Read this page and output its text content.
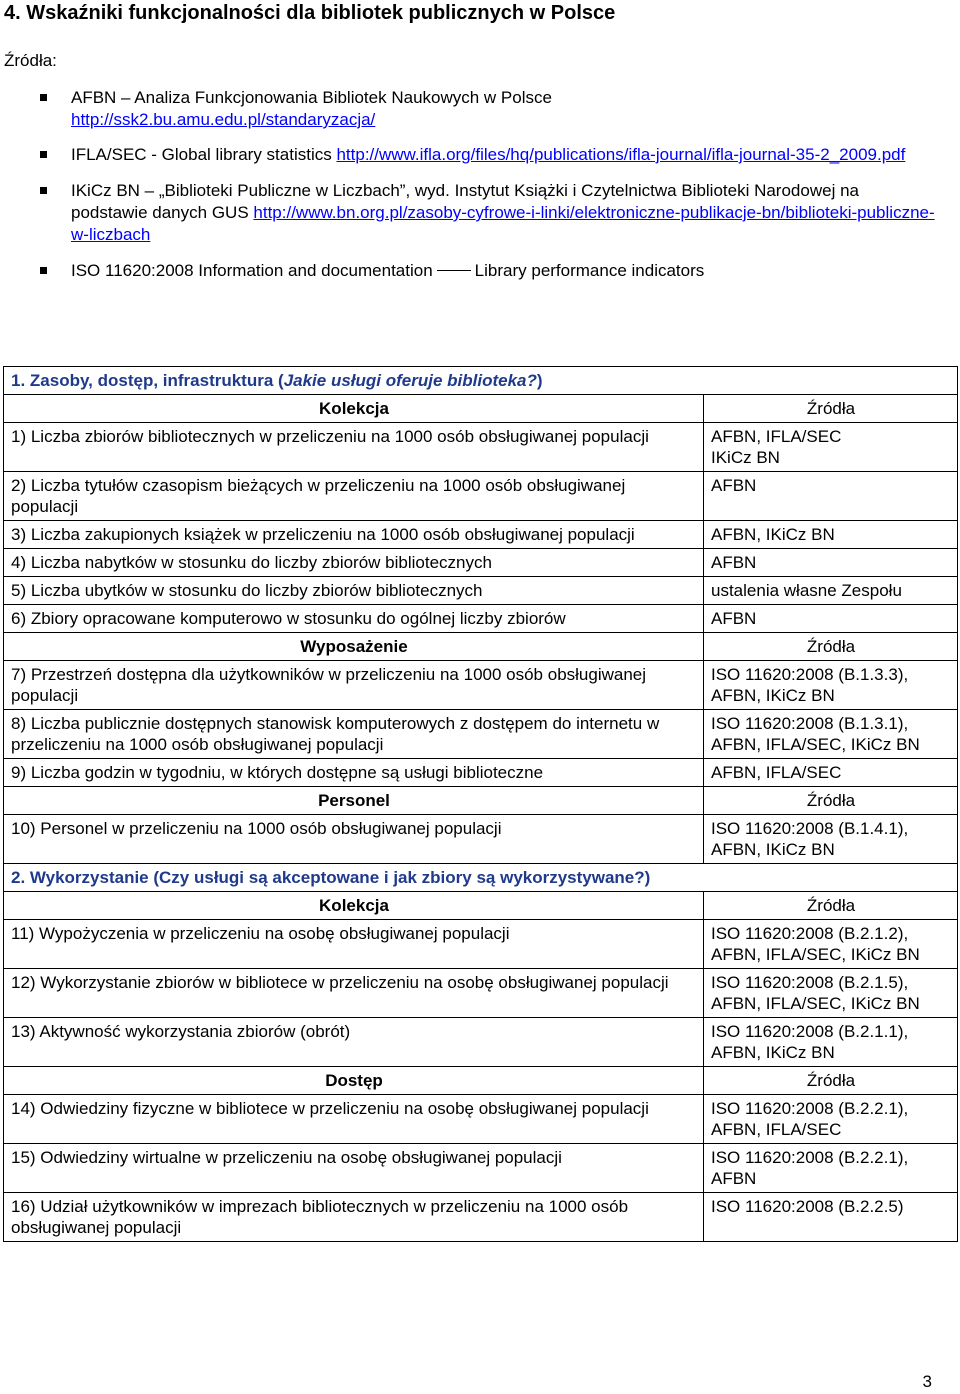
4. Wskaźniki funkcjonalności dla bibliotek publicznych w Polsce
Źródła:
AFBN – Analiza Funkcjonowania Bibliotek Naukowych w Polsce
http://ssk2.bu.amu.edu.pl/standaryzacja/
IFLA/SEC - Global library statistics http://www.ifla.org/files/hq/publications/ifla-journal/ifla-journal-35-2_2009.pdf
IKiCz BN – „Biblioteki Publiczne w Liczbach”, wyd. Instytut Książki i Czytelnictwa Biblioteki Narodowej na podstawie danych GUS http://www.bn.org.pl/zasoby-cyfrowe-i-linki/elektroniczne-publikacje-bn/biblioteki-publiczne-w-liczbach
ISO 11620:2008 Information and documentation Library performance indicators
1. Zasoby, dostęp, infrastruktura (Jakie usługi oferuje biblioteka?)	
Kolekcja	Źródła
1) Liczba zbiorów bibliotecznych w przeliczeniu na 1000 osób obsługiwanej populacji	AFBN, IFLA/SEC
IKiCz BN
2) Liczba tytułów czasopism bieżących w przeliczeniu na 1000 osób obsługiwanej populacji	AFBN
3) Liczba zakupionych książek w przeliczeniu na 1000 osób obsługiwanej populacji	AFBN, IKiCz BN
4) Liczba nabytków w stosunku do liczby zbiorów bibliotecznych	AFBN
5) Liczba ubytków w stosunku do liczby zbiorów bibliotecznych	ustalenia własne Zespołu
6) Zbiory opracowane komputerowo w stosunku do ogólnej liczby zbiorów	AFBN
Wyposażenie	Źródła
7) Przestrzeń dostępna dla użytkowników w przeliczeniu na 1000 osób obsługiwanej populacji	ISO 11620:2008 (B.1.3.3),
AFBN, IKiCz BN
8) Liczba publicznie dostępnych stanowisk komputerowych z dostępem do internetu w przeliczeniu na 1000 osób obsługiwanej populacji	ISO 11620:2008 (B.1.3.1),
AFBN, IFLA/SEC, IKiCz BN
9) Liczba godzin w tygodniu, w których dostępne są usługi biblioteczne	AFBN, IFLA/SEC
Personel	Źródła
10) Personel w przeliczeniu na 1000 osób obsługiwanej populacji	ISO 11620:2008 (B.1.4.1),
AFBN, IKiCz BN
2. Wykorzystanie (Czy usługi są akceptowane i jak zbiory są wykorzystywane?)	
Kolekcja	Źródła
11) Wypożyczenia w przeliczeniu na osobę obsługiwanej populacji	ISO 11620:2008 (B.2.1.2),
AFBN, IFLA/SEC, IKiCz BN
12) Wykorzystanie zbiorów w bibliotece w przeliczeniu na osobę obsługiwanej populacji	ISO 11620:2008 (B.2.1.5),
AFBN, IFLA/SEC, IKiCz BN
13) Aktywność wykorzystania zbiorów (obrót)	ISO 11620:2008 (B.2.1.1),
AFBN, IKiCz BN
Dostęp	Źródła
14) Odwiedziny fizyczne w bibliotece w przeliczeniu na osobę obsługiwanej populacji	ISO 11620:2008 (B.2.2.1),
AFBN, IFLA/SEC
15) Odwiedziny wirtualne w przeliczeniu na osobę obsługiwanej populacji	ISO 11620:2008 (B.2.2.1),
AFBN
16) Udział użytkowników w imprezach bibliotecznych w przeliczeniu na 1000 osób obsługiwanej populacji	ISO 11620:2008 (B.2.2.5)
3
